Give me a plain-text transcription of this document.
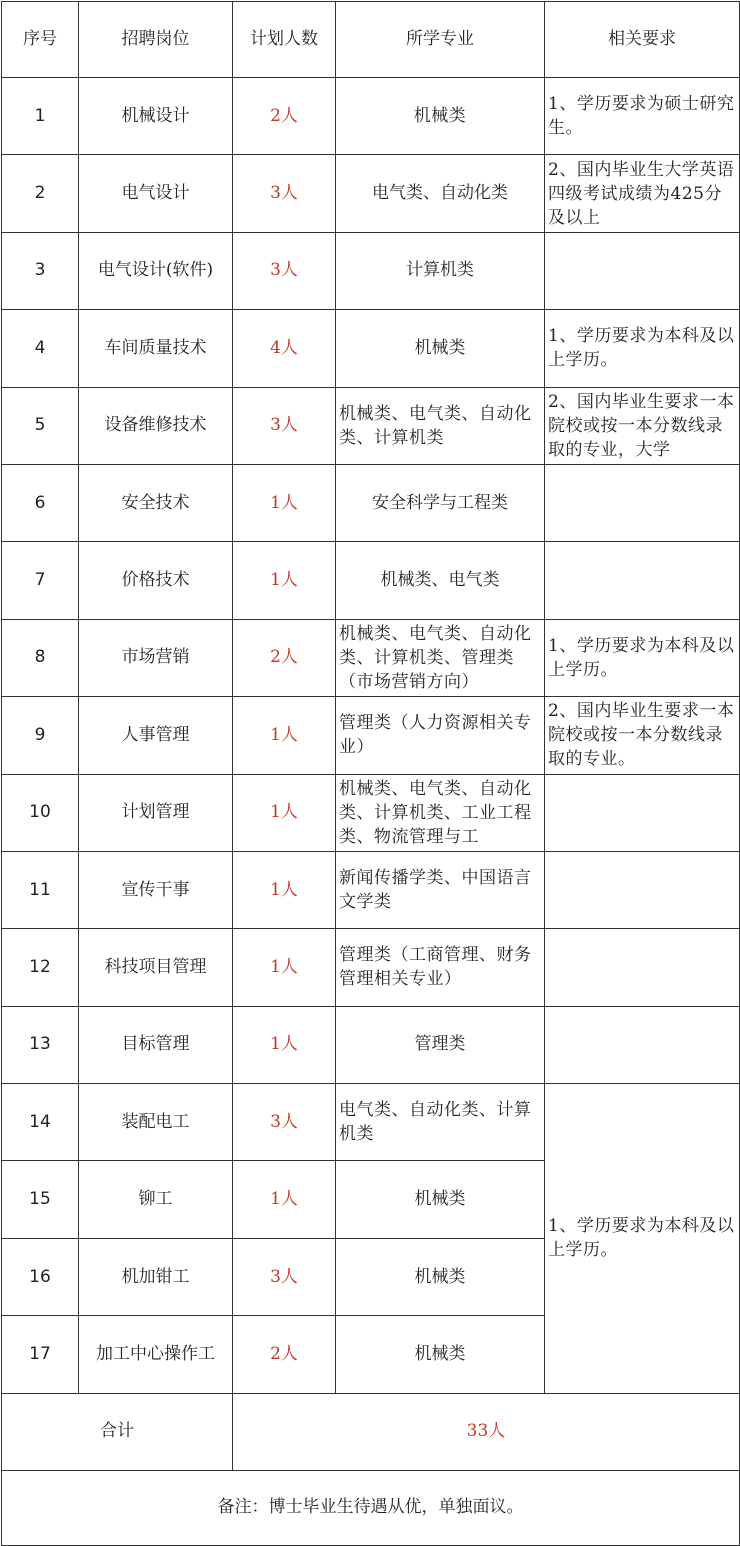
序号	招聘岗位	计划人数	所学专业	相关要求
1	机械设计	2人	机械类	1、学历要求为硕士研究生。
2	电气设计	3人	电气类、自动化类	2、国内毕业生大学英语四级考试成绩为425分及以上
3	电气设计(软件)	3人	计算机类	
4	车间质量技术	4人	机械类	1、学历要求为本科及以上学历。
5	设备维修技术	3人	机械类、电气类、自动化类、计算机类	2、国内毕业生要求一本院校或按一本分数线录取的专业，大学
6	安全技术	1人	安全科学与工程类	
7	价格技术	1人	机械类、电气类	
8	市场营销	2人	机械类、电气类、自动化类、计算机类、管理类（市场营销方向）	1、学历要求为本科及以上学历。
9	人事管理	1人	管理类（人力资源相关专业）	2、国内毕业生要求一本院校或按一本分数线录取的专业。
10	计划管理	1人	机械类、电气类、自动化类、计算机类、工业工程类、物流管理与工	
11	宣传干事	1人	新闻传播学类、中国语言文学类	
12	科技项目管理	1人	管理类（工商管理、财务管理相关专业）	
13	目标管理	1人	管理类	
14	装配电工	3人	电气类、自动化类、计算机类	1、学历要求为本科及以上学历。
15	铆工	1人	机械类	
16	机加钳工	3人	机械类	
17	加工中心操作工	2人	机械类	
合计		33人		
备注：博士毕业生待遇从优，单独面议。				
